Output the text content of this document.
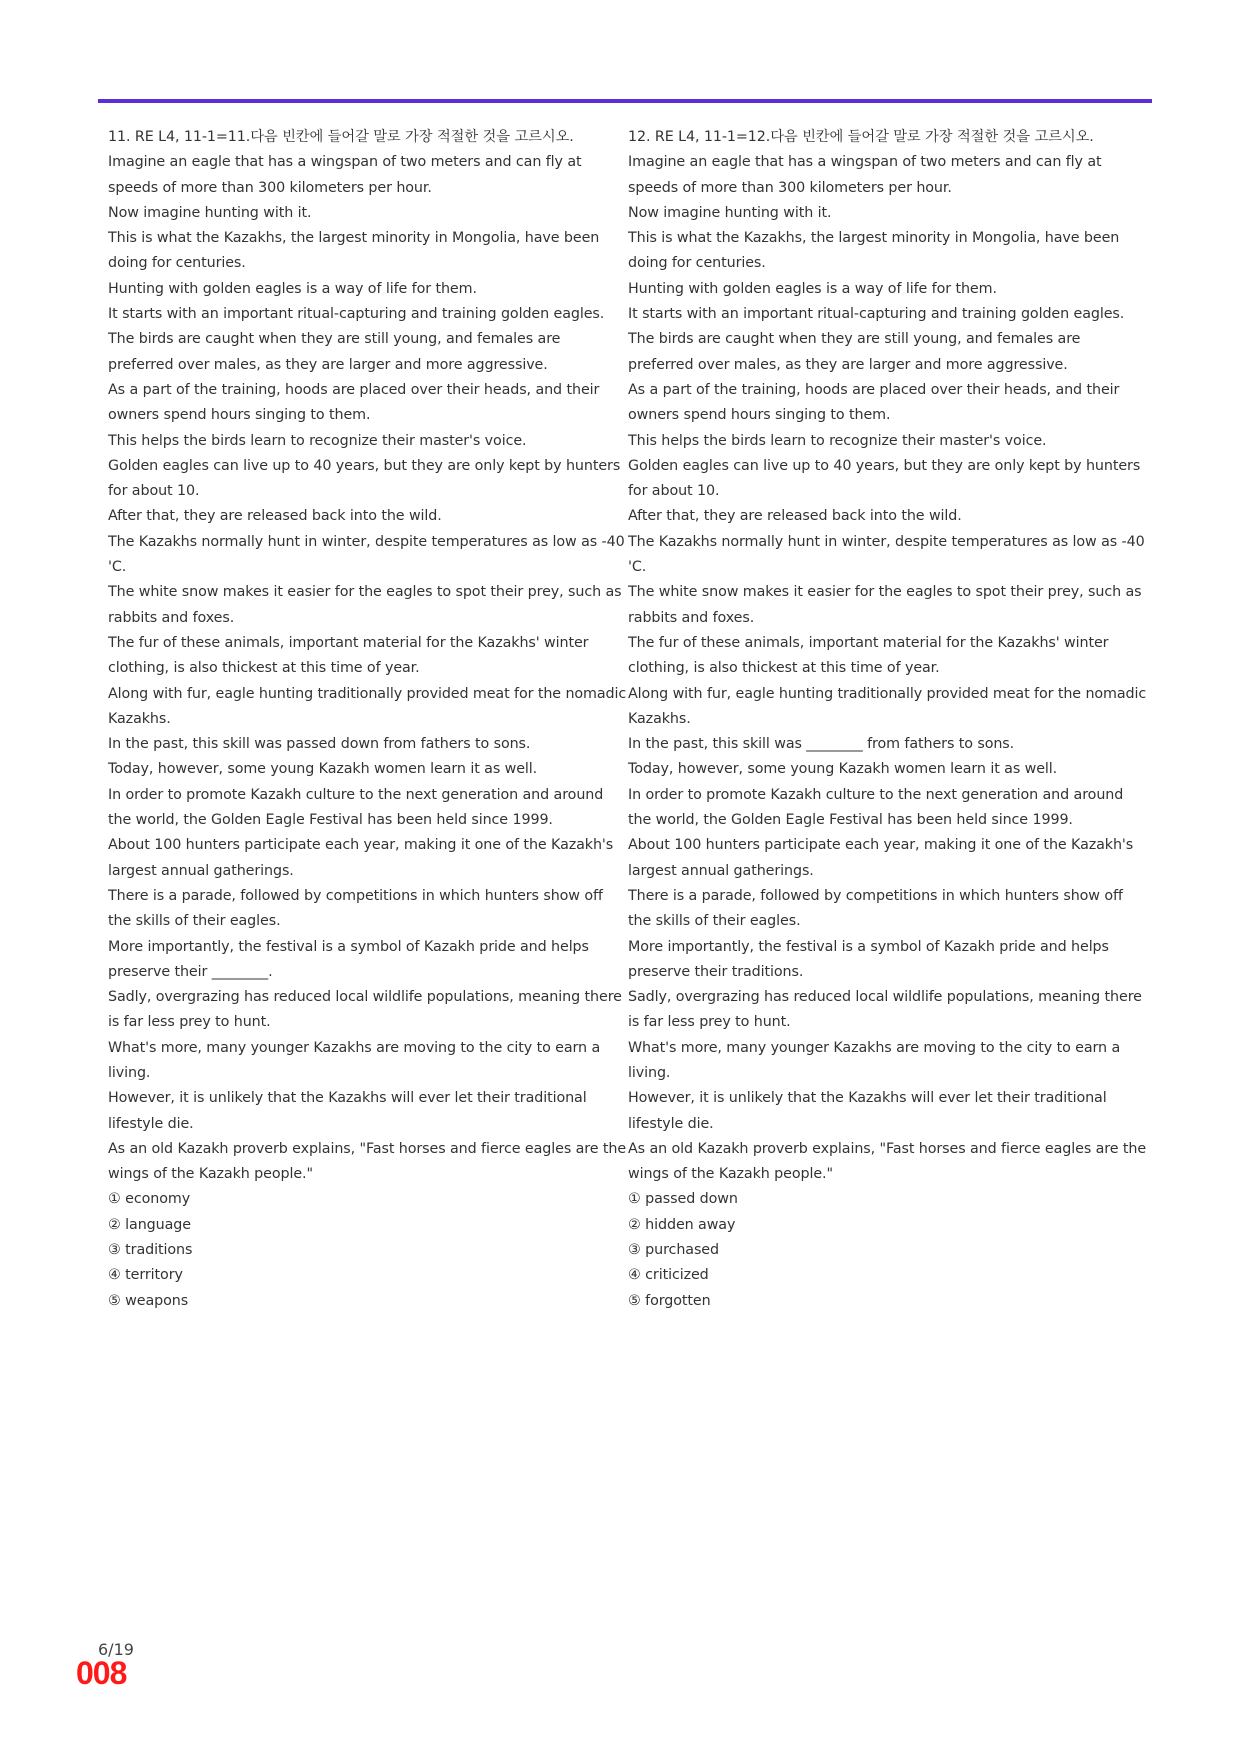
11. RE L4, 11-1=11.다음 빈칸에 들어갈 말로 가장 적절한 것을 고르시오.

Imagine an eagle that has a wingspan of two meters and can fly at speeds of more than 300 kilometers per hour.

Now imagine hunting with it.

This is what the Kazakhs, the largest minority in Mongolia, have been doing for centuries.

Hunting with golden eagles is a way of life for them.

It starts with an important ritual-capturing and training golden eagles.

The birds are caught when they are still young, and females are preferred over males, as they are larger and more aggressive.

As a part of the training, hoods are placed over their heads, and their owners spend hours singing to them.

This helps the birds learn to recognize their master's voice.

Golden eagles can live up to 40 years, but they are only kept by hunters for about 10.

After that, they are released back into the wild.

The Kazakhs normally hunt in winter, despite temperatures as low as -40 'C.

The white snow makes it easier for the eagles to spot their prey, such as rabbits and foxes.

The fur of these animals, important material for the Kazakhs' winter clothing, is also thickest at this time of year.

Along with fur, eagle hunting traditionally provided meat for the nomadic Kazakhs.

In the past, this skill was passed down from fathers to sons.

Today, however, some young Kazakh women learn it as well.

In order to promote Kazakh culture to the next generation and around the world, the Golden Eagle Festival has been held since 1999.

About 100 hunters participate each year, making it one of the Kazakh's largest annual gatherings.

There is a parade, followed by competitions in which hunters show off the skills of their eagles.

More importantly, the festival is a symbol of Kazakh pride and helps preserve their ________.

Sadly, overgrazing has reduced local wildlife populations, meaning there is far less prey to hunt.

What's more, many younger Kazakhs are moving to the city to earn a living.

However, it is unlikely that the Kazakhs will ever let their traditional lifestyle die.

As an old Kazakh proverb explains, "Fast horses and fierce eagles are the wings of the Kazakh people."

① economy

② language

③ traditions

④ territory

⑤ weapons

12. RE L4, 11-1=12.다음 빈칸에 들어갈 말로 가장 적절한 것을 고르시오.

Imagine an eagle that has a wingspan of two meters and can fly at speeds of more than 300 kilometers per hour.

Now imagine hunting with it.

This is what the Kazakhs, the largest minority in Mongolia, have been doing for centuries.

Hunting with golden eagles is a way of life for them.

It starts with an important ritual-capturing and training golden eagles.

The birds are caught when they are still young, and females are preferred over males, as they are larger and more aggressive.

As a part of the training, hoods are placed over their heads, and their owners spend hours singing to them.

This helps the birds learn to recognize their master's voice.

Golden eagles can live up to 40 years, but they are only kept by hunters for about 10.

After that, they are released back into the wild.

The Kazakhs normally hunt in winter, despite temperatures as low as -40 'C.

The white snow makes it easier for the eagles to spot their prey, such as rabbits and foxes.

The fur of these animals, important material for the Kazakhs' winter clothing, is also thickest at this time of year.

Along with fur, eagle hunting traditionally provided meat for the nomadic Kazakhs.

In the past, this skill was ________ from fathers to sons.

Today, however, some young Kazakh women learn it as well.

In order to promote Kazakh culture to the next generation and around the world, the Golden Eagle Festival has been held since 1999.

About 100 hunters participate each year, making it one of the Kazakh's largest annual gatherings.

There is a parade, followed by competitions in which hunters show off the skills of their eagles.

More importantly, the festival is a symbol of Kazakh pride and helps preserve their traditions.

Sadly, overgrazing has reduced local wildlife populations, meaning there is far less prey to hunt.

What's more, many younger Kazakhs are moving to the city to earn a living.

However, it is unlikely that the Kazakhs will ever let their traditional lifestyle die.

As an old Kazakh proverb explains, "Fast horses and fierce eagles are the wings of the Kazakh people."

① passed down

② hidden away

③ purchased

④ criticized

⑤ forgotten

6/19
008
